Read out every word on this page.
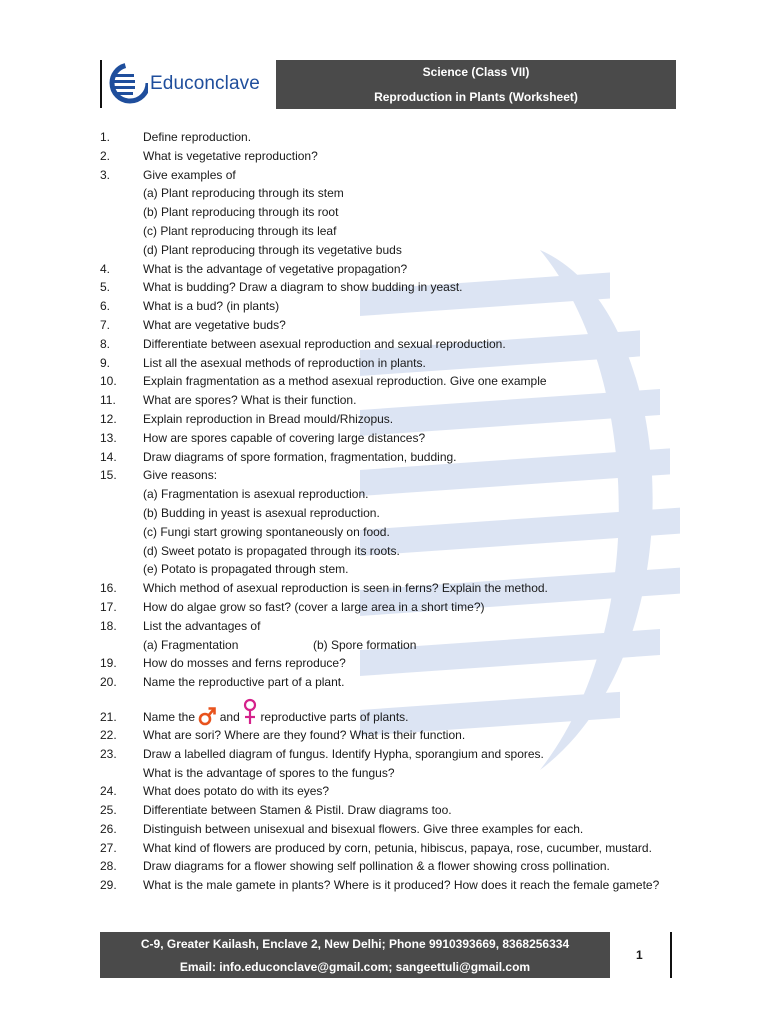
Educonclave
Science (Class VII)
Reproduction in Plants (Worksheet)
1.	Define reproduction.
2.	What is vegetative reproduction?
3.	Give examples of
(a) Plant reproducing through its stem
(b) Plant reproducing through its root
(c) Plant reproducing through its leaf
(d) Plant reproducing through its vegetative buds
4.	What is the advantage of vegetative propagation?
5.	What is budding? Draw a diagram to show budding in yeast.
6.	What is a bud? (in plants)
7.	What are vegetative buds?
8.	Differentiate between asexual reproduction and sexual reproduction.
9.	List all the asexual methods of reproduction in plants.
10.	Explain fragmentation as a method asexual reproduction. Give one example
11.	What are spores? What is their function.
12.	Explain reproduction in Bread mould/Rhizopus.
13.	How are spores capable of covering large distances?
14.	Draw diagrams of spore formation, fragmentation, budding.
15.	Give reasons:
(a) Fragmentation is asexual reproduction.
(b) Budding in yeast is asexual reproduction.
(c) Fungi start growing spontaneously on food.
(d) Sweet potato is propagated through its roots.
(e) Potato is propagated through stem.
16.	Which method of asexual reproduction is seen in ferns? Explain the method.
17.	How do algae grow so fast? (cover a large area in a short time?)
18.	List the advantages of
(a) Fragmentation	(b) Spore formation
19.	How do mosses and ferns reproduce?
20.	Name the reproductive part of a plant.
21.	Name the

and

reproductive parts of plants.
22.	What are sori? Where are they found? What is their function.
23.	Draw a labelled diagram of fungus. Identify Hypha, sporangium and spores.
What is the advantage of spores to the fungus?
24.	What does potato do with its eyes?
25.	Differentiate between Stamen & Pistil. Draw diagrams too.
26.	Distinguish between unisexual and bisexual flowers. Give three examples for each.
27.	What kind of flowers are produced by corn, petunia, hibiscus, papaya, rose, cucumber, mustard.
28.	Draw diagrams for a flower showing self pollination & a flower showing cross pollination.
29.	What is the male gamete in plants? Where is it produced? How does it reach the female gamete?
C-9, Greater Kailash, Enclave 2, New Delhi; Phone 9910393669, 8368256334
Email: info.educonclave@gmail.com; sangeettuli@gmail.com
1
